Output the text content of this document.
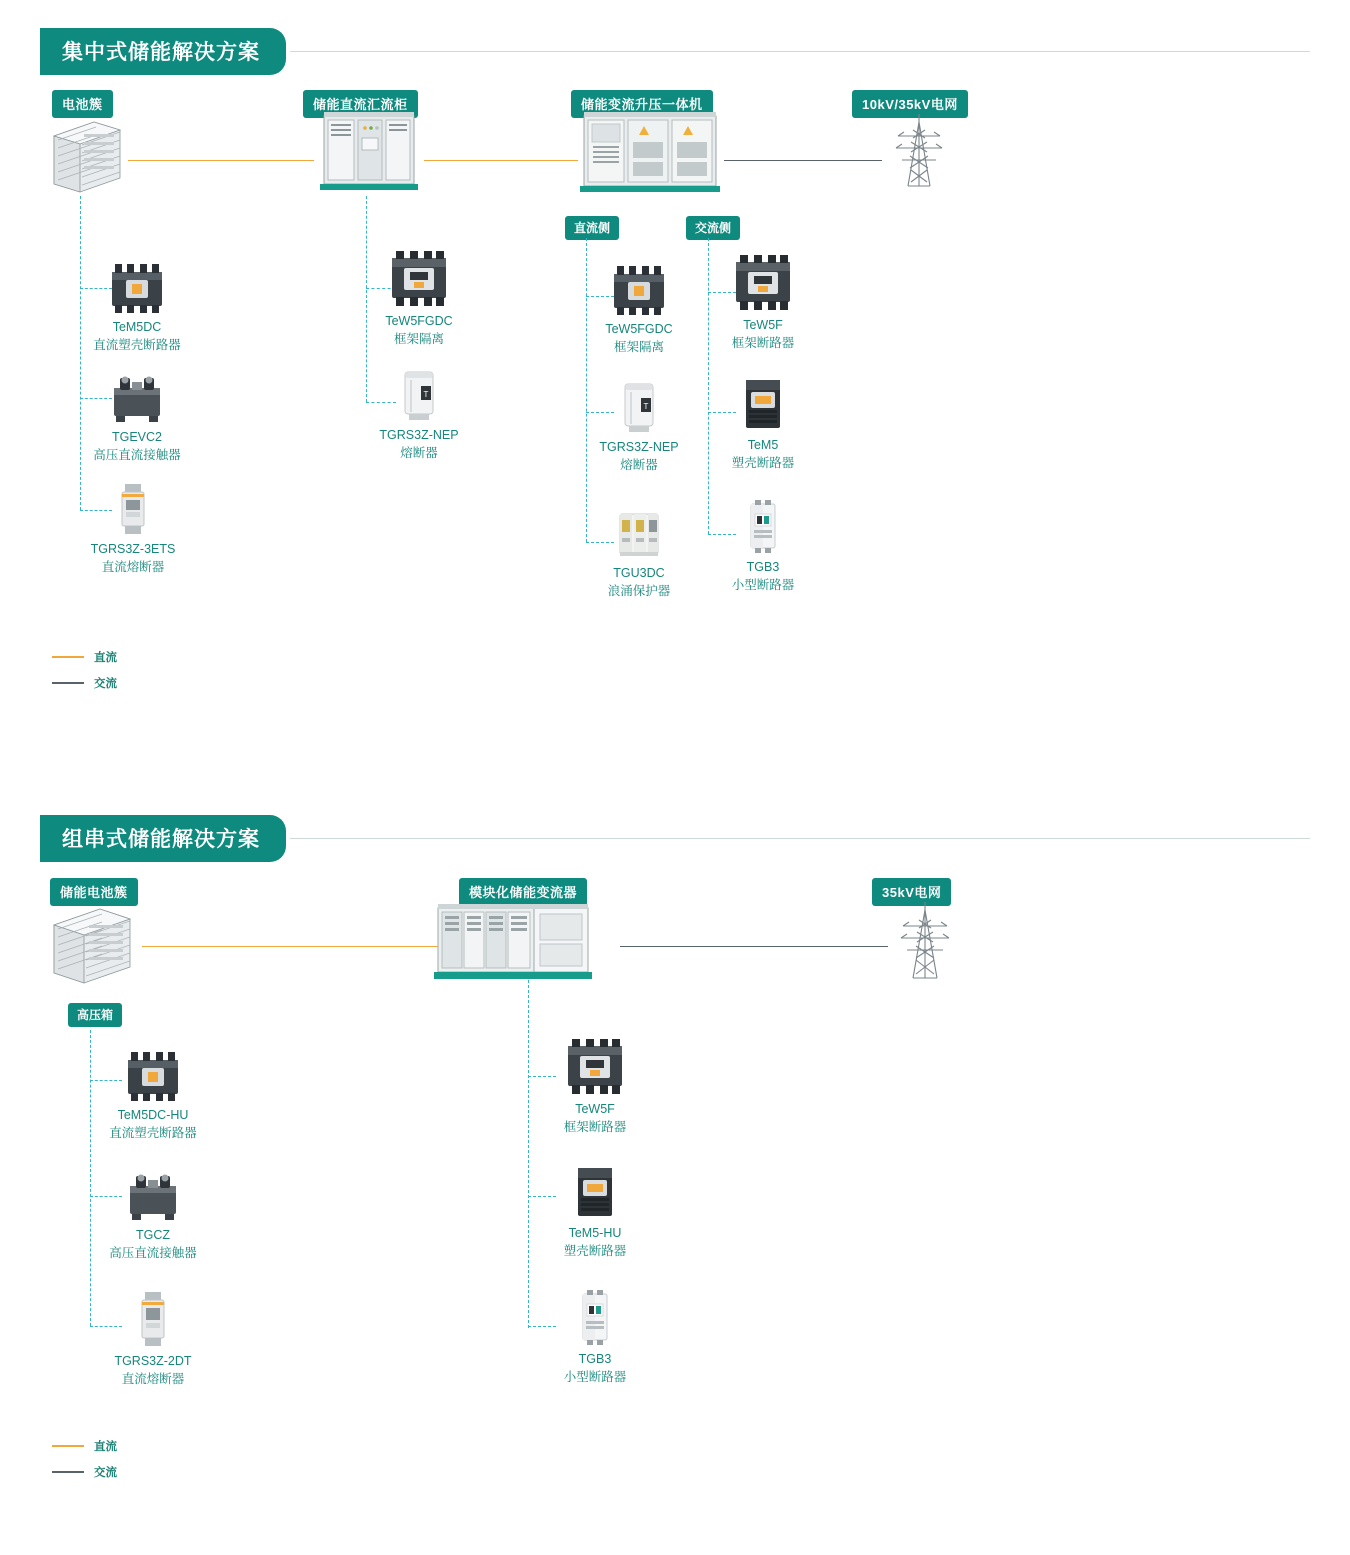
集中式储能解决方案
电池簇	储能直流汇流柜	储能变流升压一体机	10kV/35kV电网
直流侧	交流侧
TeM5DC
直流塑壳断路器
TGEVC2
高压直流接触器
TGRS3Z-3ETS
直流熔断器
TeW5FGDC
框架隔离
T
TGRS3Z-NEP
熔断器
TeW5FGDC
框架隔离
T
TGRS3Z-NEP
熔断器
TGU3DC
浪涌保护器
TeW5F
框架断路器
TeM5
塑壳断路器
TGB3
小型断路器
直流
交流
组串式储能解决方案
储能电池簇	模块化储能变流器	35kV电网
高压箱
TeM5DC-HU
直流塑壳断路器
TGCZ
高压直流接触器
TGRS3Z-2DT
直流熔断器
TeW5F
框架断路器
TeM5-HU
塑壳断路器
TGB3
小型断路器
直流
交流
